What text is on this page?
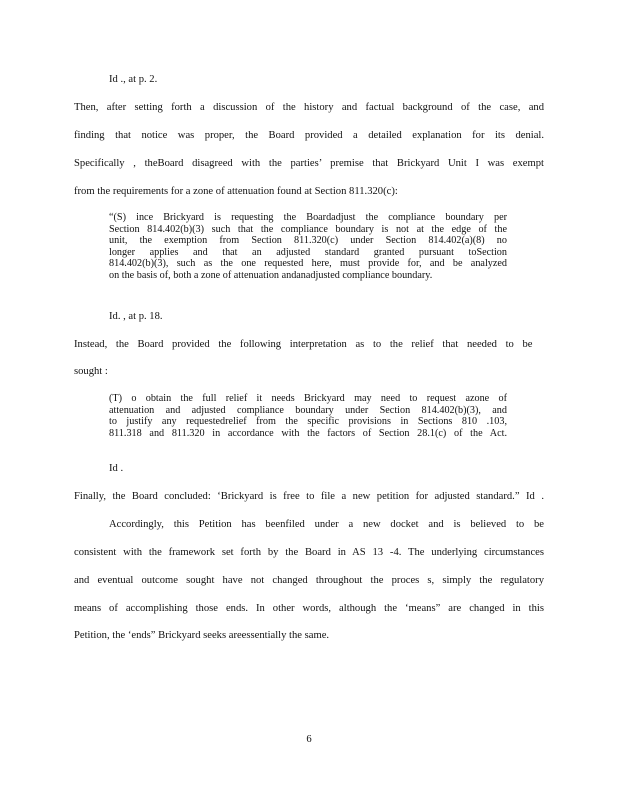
Id ., at p. 2.
Then, after setting forth a discussion of the history and factual background of the case, and
finding that notice was proper, the Board provided a detailed explanation for its denial.
Specifically , theBoard disagreed with the parties’ premise that Brickyard Unit I was exempt
from the requirements for a zone of attenuation found at Section 811.320(c):
“(S) ince Brickyard is requesting the Boardadjust the compliance boundary per
Section 814.402(b)(3) such that the compliance boundary is not at the edge of the
unit, the exemption from Section 811.320(c) under Section 814.402(a)(8) no
longer applies and that an adjusted standard granted pursuant toSection
814.402(b)(3), such as the one requested here, must provide for, and be analyzed
on the basis of, both a zone of attenuation andanadjusted compliance boundary.
Id. , at p. 18.
Instead, the Board provided the following interpretation as to the relief that needed to be
sought :
(T) o obtain the full relief it needs Brickyard may need to request azone of
attenuation and adjusted compliance boundary under Section 814.402(b)(3), and
to justify any requestedrelief from the specific provisions in Sections 810 .103,
811.318 and 811.320 in accordance with the factors of Section 28.1(c) of the Act.
Id .
Finally, the Board concluded: ‘Brickyard is free to file a new petition for adjusted standard.” Id .
Accordingly, this Petition has beenfiled under a new docket and is believed to be
consistent with the framework set forth by the Board in AS 13 -4. The underlying circumstances
and eventual outcome sought have not changed throughout the proces s, simply the regulatory
means of accomplishing those ends. In other words, although the ‘means” are changed in this
Petition, the ‘ends” Brickyard seeks areessentially the same.
6
